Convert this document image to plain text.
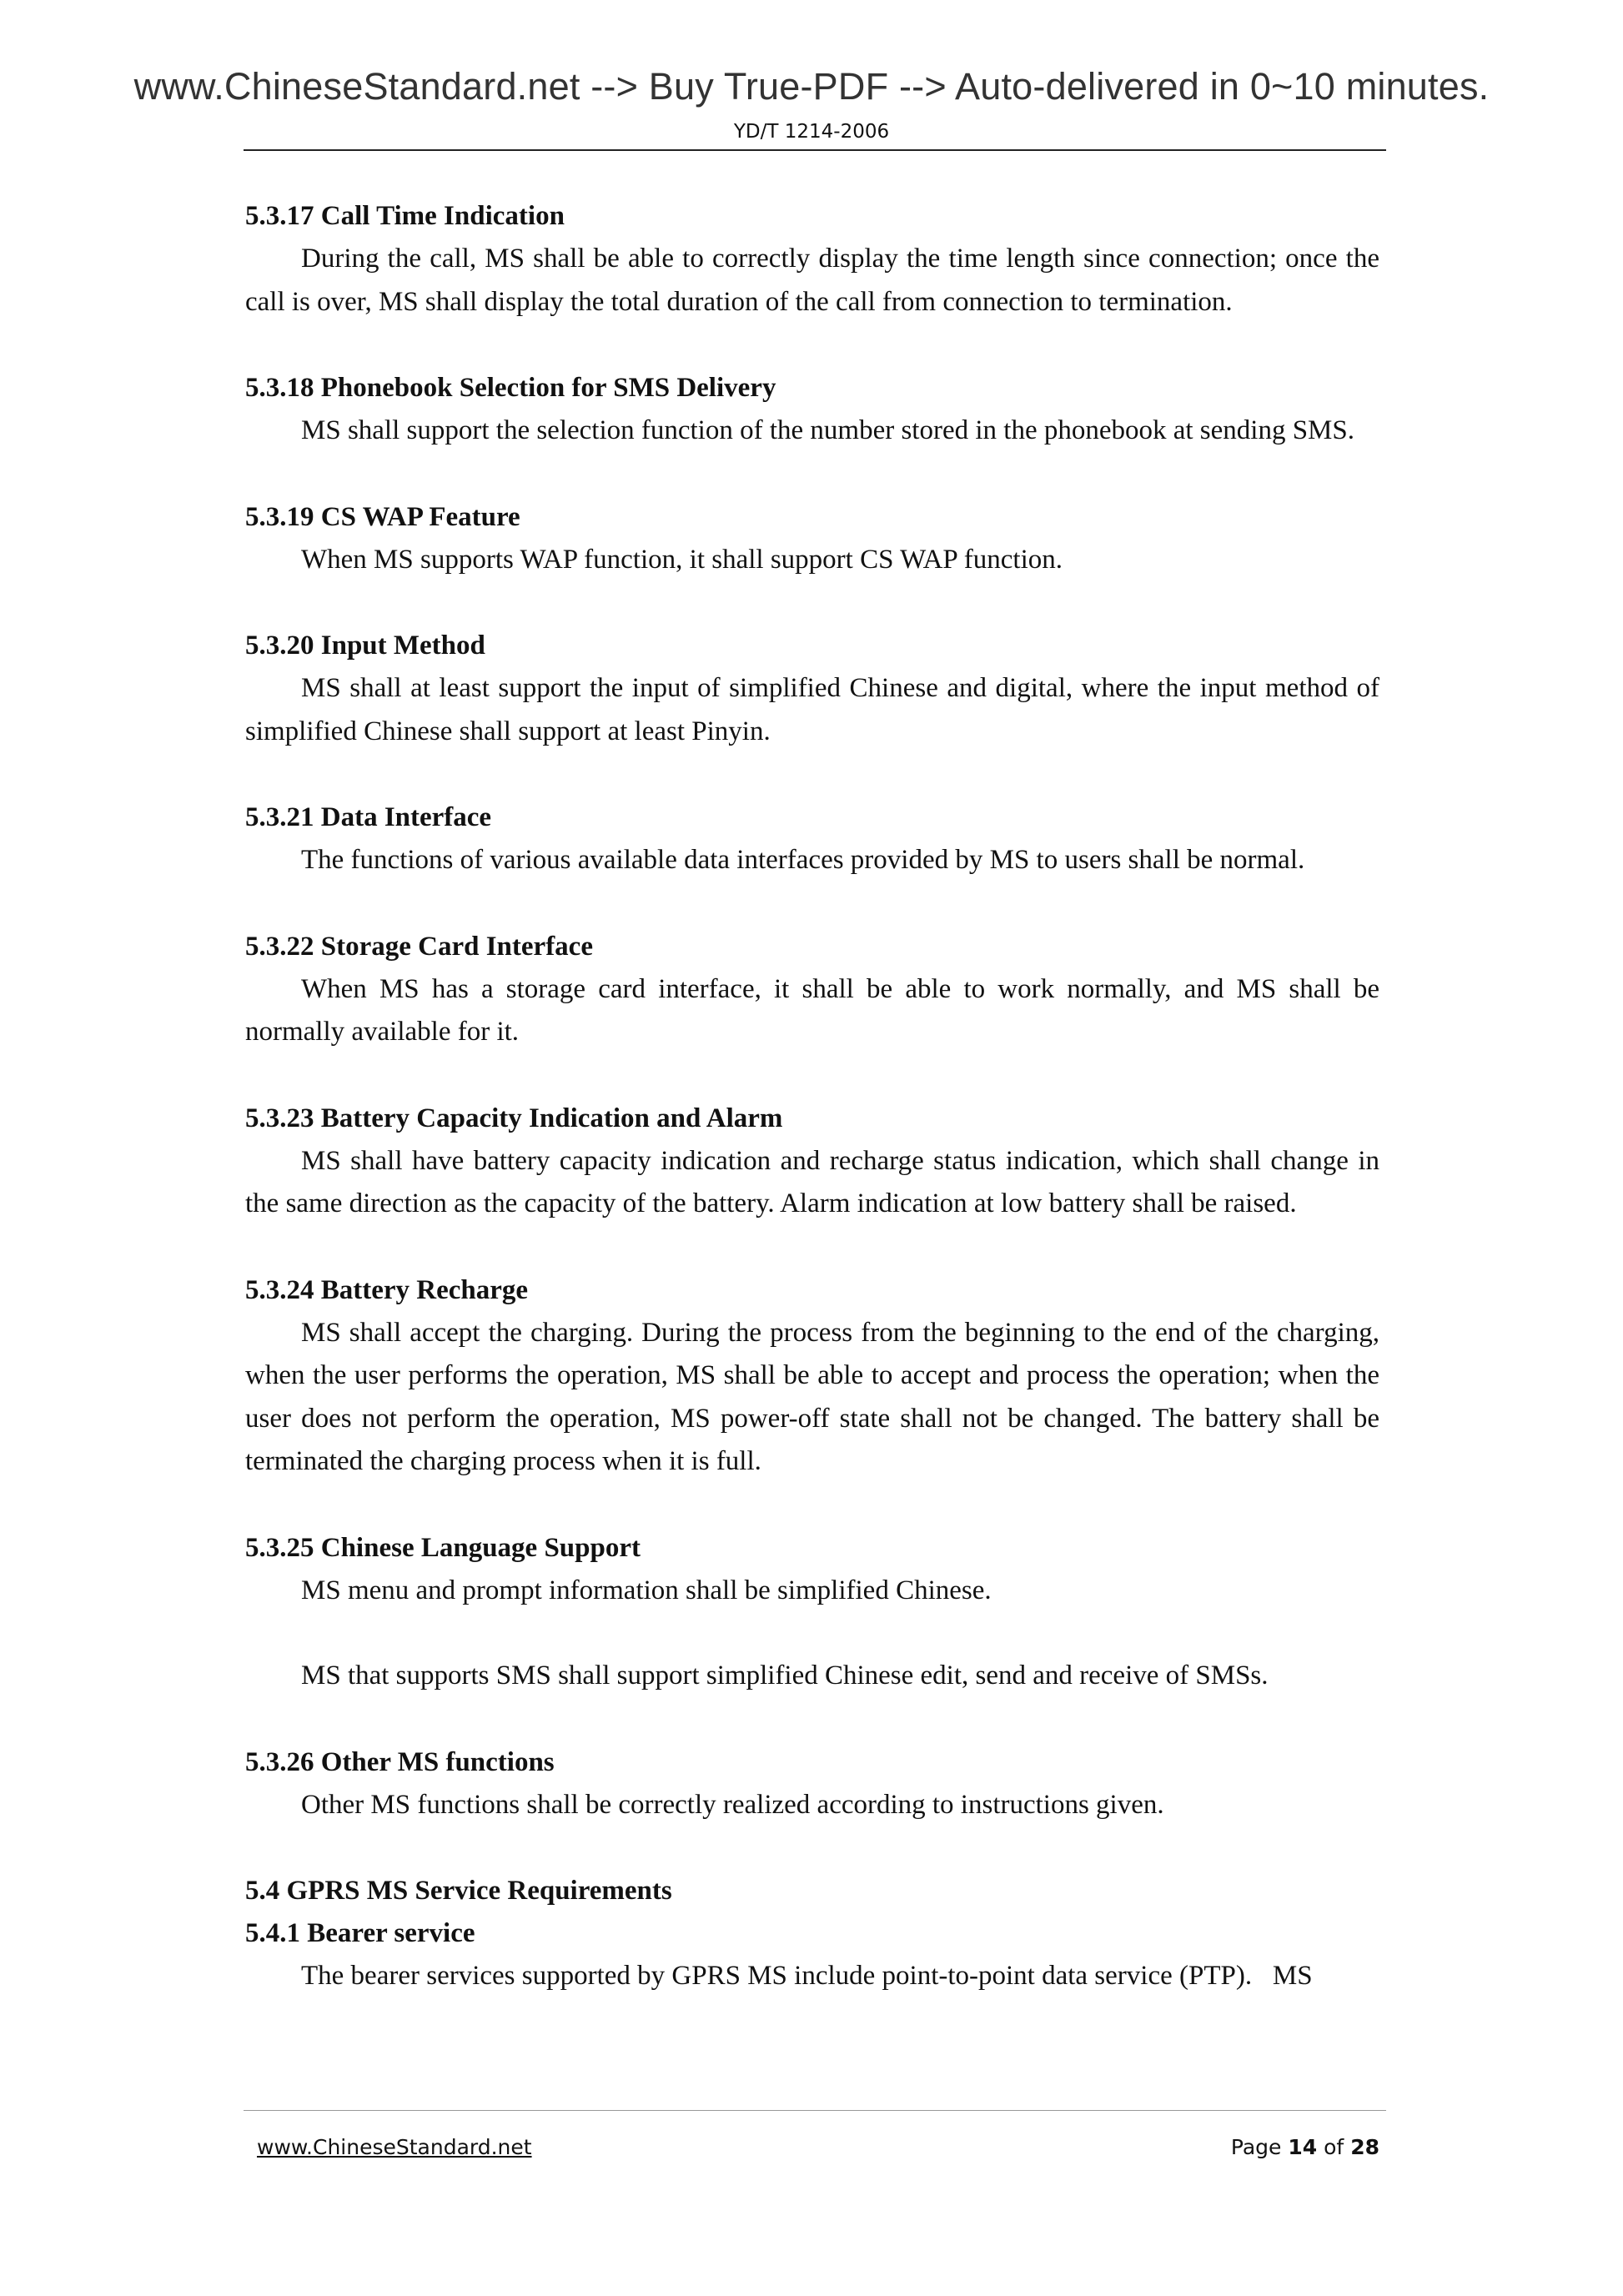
www.ChineseStandard.net --> Buy True-PDF --> Auto-delivered in 0~10 minutes.
YD/T 1214-2006

5.3.17 Call Time Indication

During the call, MS shall be able to correctly display the time length since connection; once the call is over, MS shall display the total duration of the call from connection to termination.

5.3.18 Phonebook Selection for SMS Delivery

MS shall support the selection function of the number stored in the phonebook at sending SMS.

5.3.19 CS WAP Feature

When MS supports WAP function, it shall support CS WAP function.

5.3.20 Input Method

MS shall at least support the input of simplified Chinese and digital, where the input method of simplified Chinese shall support at least Pinyin.

5.3.21 Data Interface

The functions of various available data interfaces provided by MS to users shall be normal.

5.3.22 Storage Card Interface

When MS has a storage card interface, it shall be able to work normally, and MS shall be normally available for it.

5.3.23 Battery Capacity Indication and Alarm

MS shall have battery capacity indication and recharge status indication, which shall change in the same direction as the capacity of the battery. Alarm indication at low battery shall be raised.

5.3.24 Battery Recharge

MS shall accept the charging. During the process from the beginning to the end of the charging, when the user performs the operation, MS shall be able to accept and process the operation; when the user does not perform the operation, MS power-off state shall not be changed. The battery shall be terminated the charging process when it is full.

5.3.25 Chinese Language Support

MS menu and prompt information shall be simplified Chinese.

MS that supports SMS shall support simplified Chinese edit, send and receive of SMSs.

5.3.26 Other MS functions

Other MS functions shall be correctly realized according to instructions given.

5.4 GPRS MS Service Requirements

5.4.1 Bearer service

The bearer services supported by GPRS MS include point-to-point data service (PTP).   MS

www.ChineseStandard.net	Page 14 of 28
